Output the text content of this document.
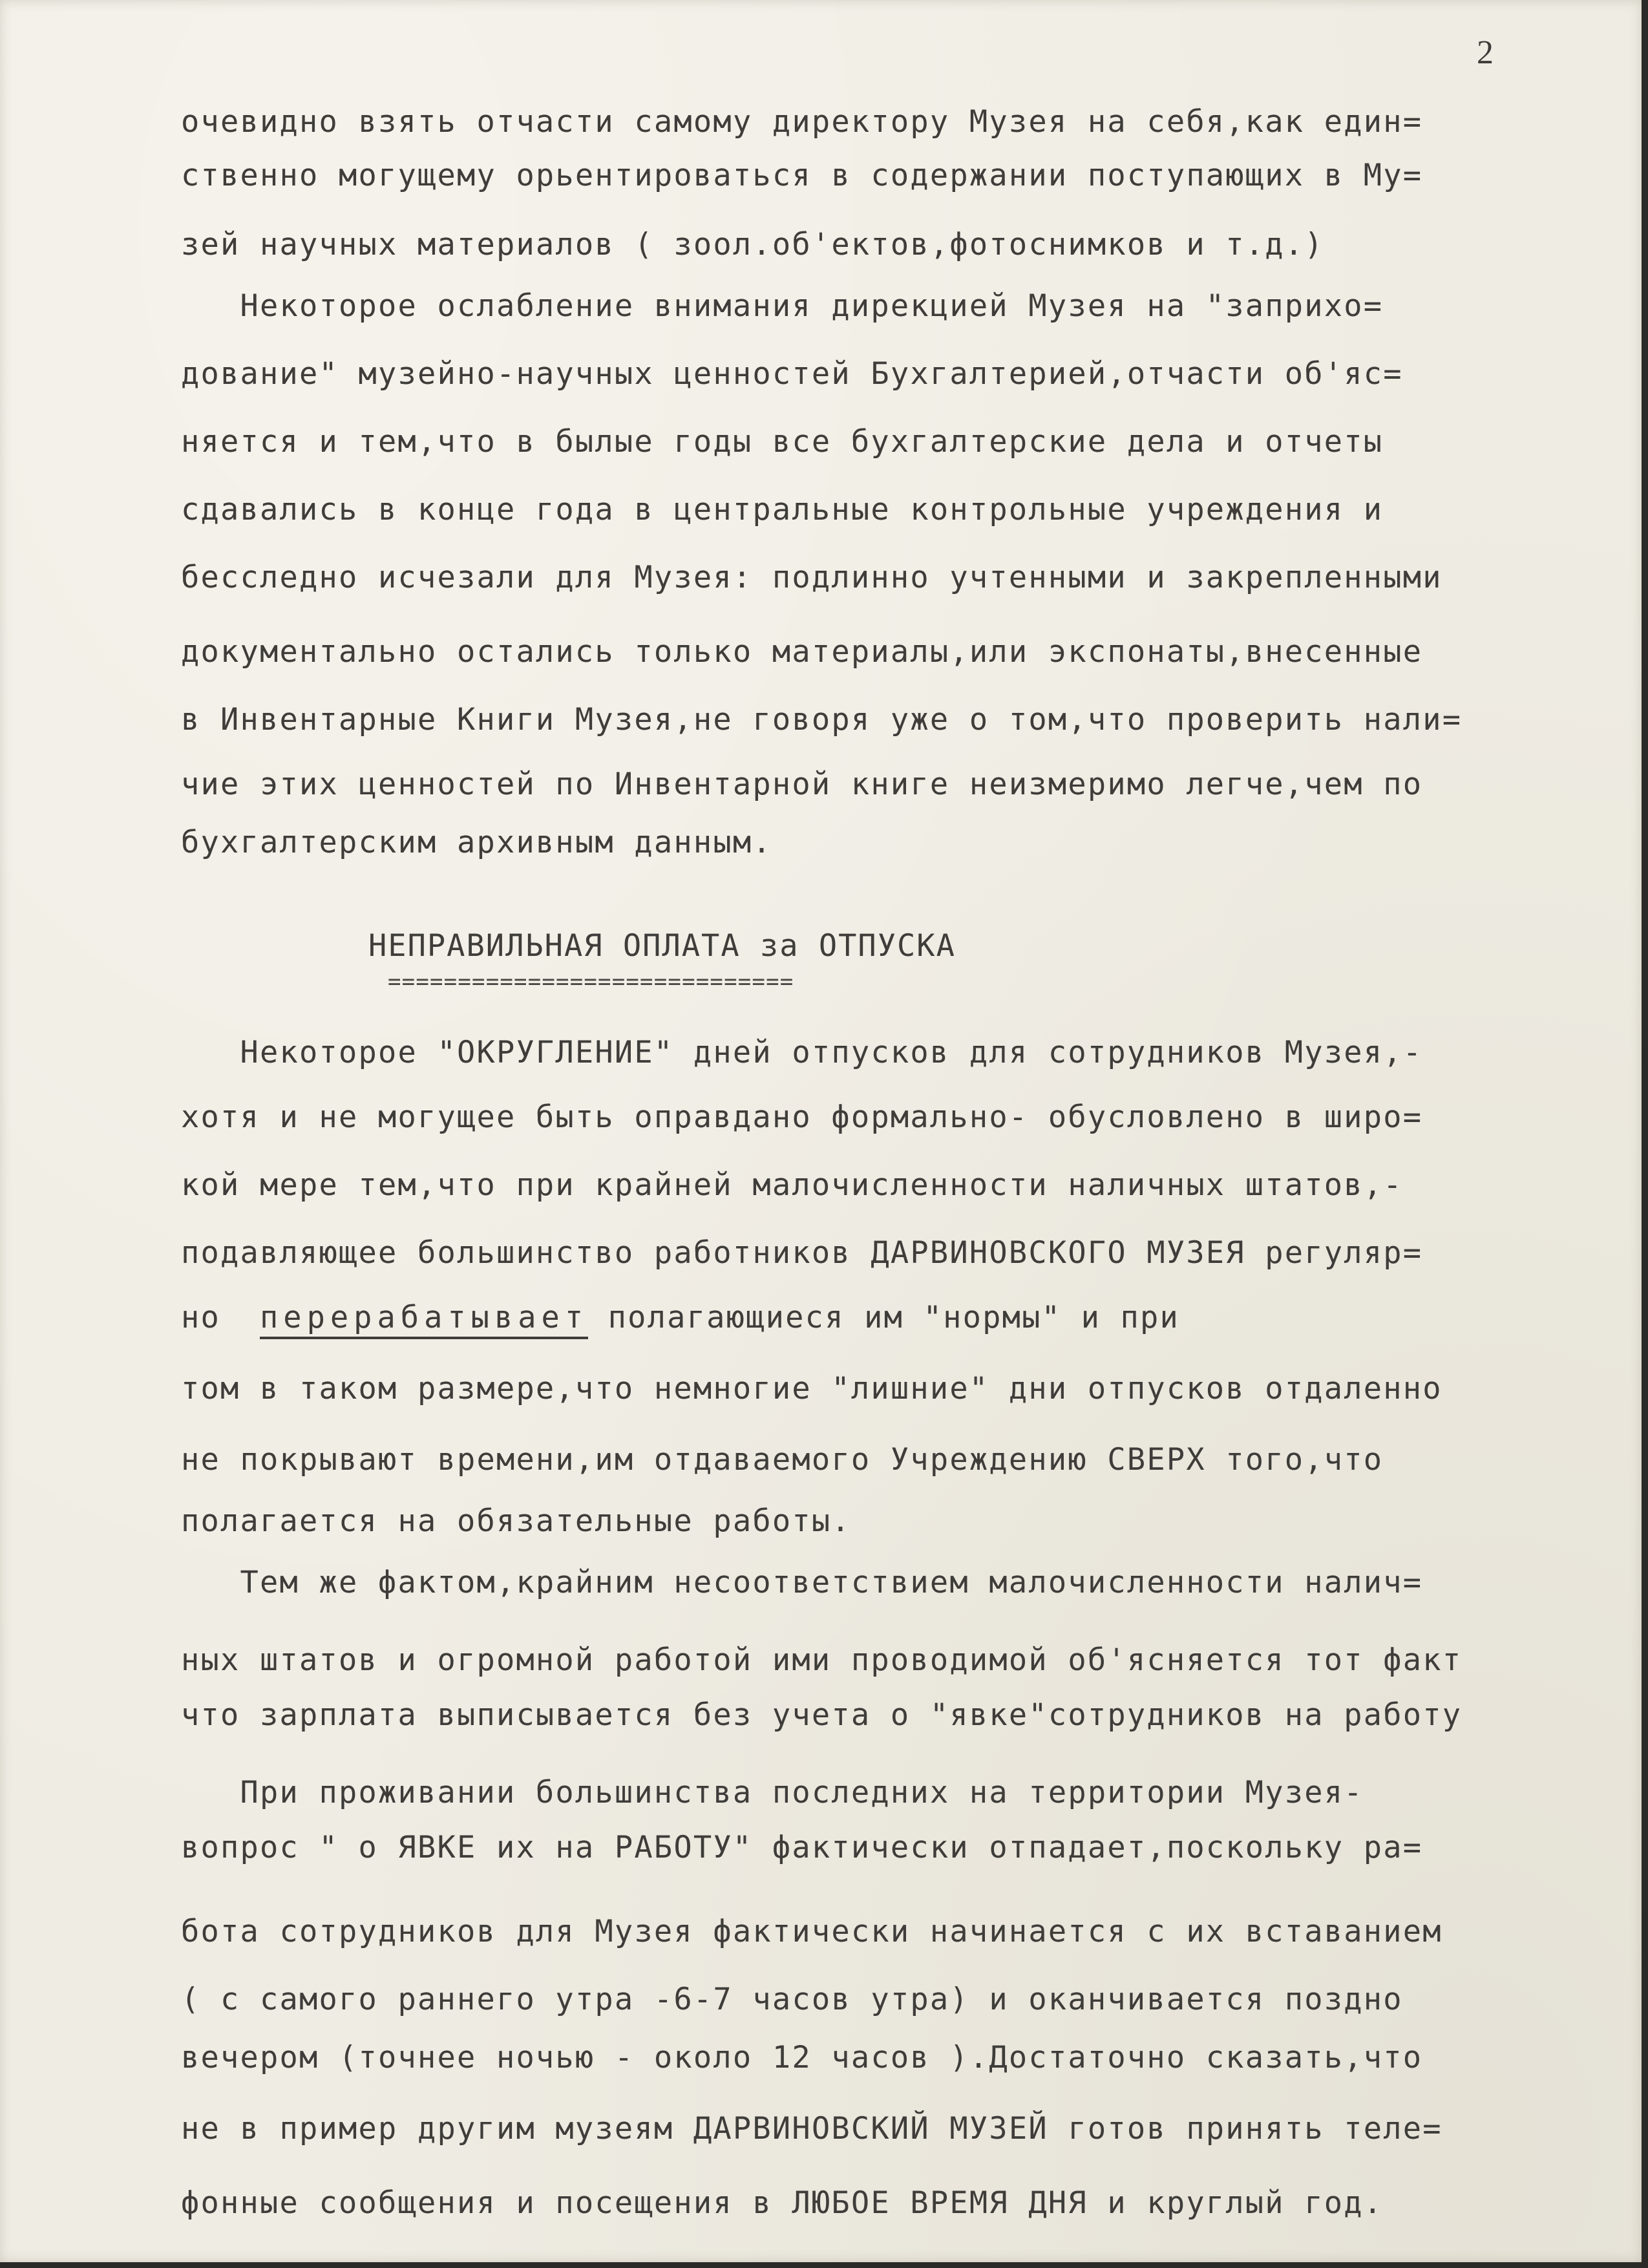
2
очевидно взять отчасти самому директору Музея на себя,как един=
ственно могущему орьентироваться в содержании поступающих в Му=
зей научных материалов ( зоол.об'ектов,фотоснимков и т.д.)
Некоторое ослабление внимания дирекцией Музея на "заприхо=
дование" музейно-научных ценностей Бухгалтерией,отчасти об'яс=
няется и тем,что в былые годы все бухгалтерские дела и отчеты
сдавались в конце года в центральные контрольные учреждения и
бесследно исчезали для Музея: подлинно учтенными и закрепленными
документально остались только материалы,или экспонаты,внесенные
в Инвентарные Книги Музея,не говоря уже о том,что проверить нали=
чие этих ценностей по Инвентарной книге неизмеримо легче,чем по
бухгалтерским архивным данным.
НЕПРАВИЛЬНАЯ ОПЛАТА за ОТПУСКА
=============================
Некоторое "ОКРУГЛЕНИЕ" дней отпусков для сотрудников Музея,-
хотя и не могущее быть оправдано формально- обусловлено в широ=
кой мере тем,что при крайней малочисленности наличных штатов,-
подавляющее большинство работников ДАРВИНОВСКОГО МУЗЕЯ регуляр=
но  перерабатывает полагающиеся им "нормы" и при
том в таком размере,что немногие "лишние" дни отпусков отдаленно
не покрывают времени,им отдаваемого Учреждению СВЕРХ того,что
полагается на обязательные работы.
Тем же фактом,крайним несоответствием малочисленности налич=
ных штатов и огромной работой ими проводимой об'ясняется тот факт
что зарплата выписывается без учета о "явке"сотрудников на работу
При проживании большинства последних на территории Музея-
вопрос " о ЯВКЕ их на РАБОТУ" фактически отпадает,поскольку ра=
бота сотрудников для Музея фактически начинается с их вставанием
( с самого раннего утра -6-7 часов утра) и оканчивается поздно
вечером (точнее ночью - около 12 часов ).Достаточно сказать,что
не в пример другим музеям ДАРВИНОВСКИЙ МУЗЕЙ готов принять теле=
фонные сообщения и посещения в ЛЮБОЕ ВРЕМЯ ДНЯ и круглый год.
